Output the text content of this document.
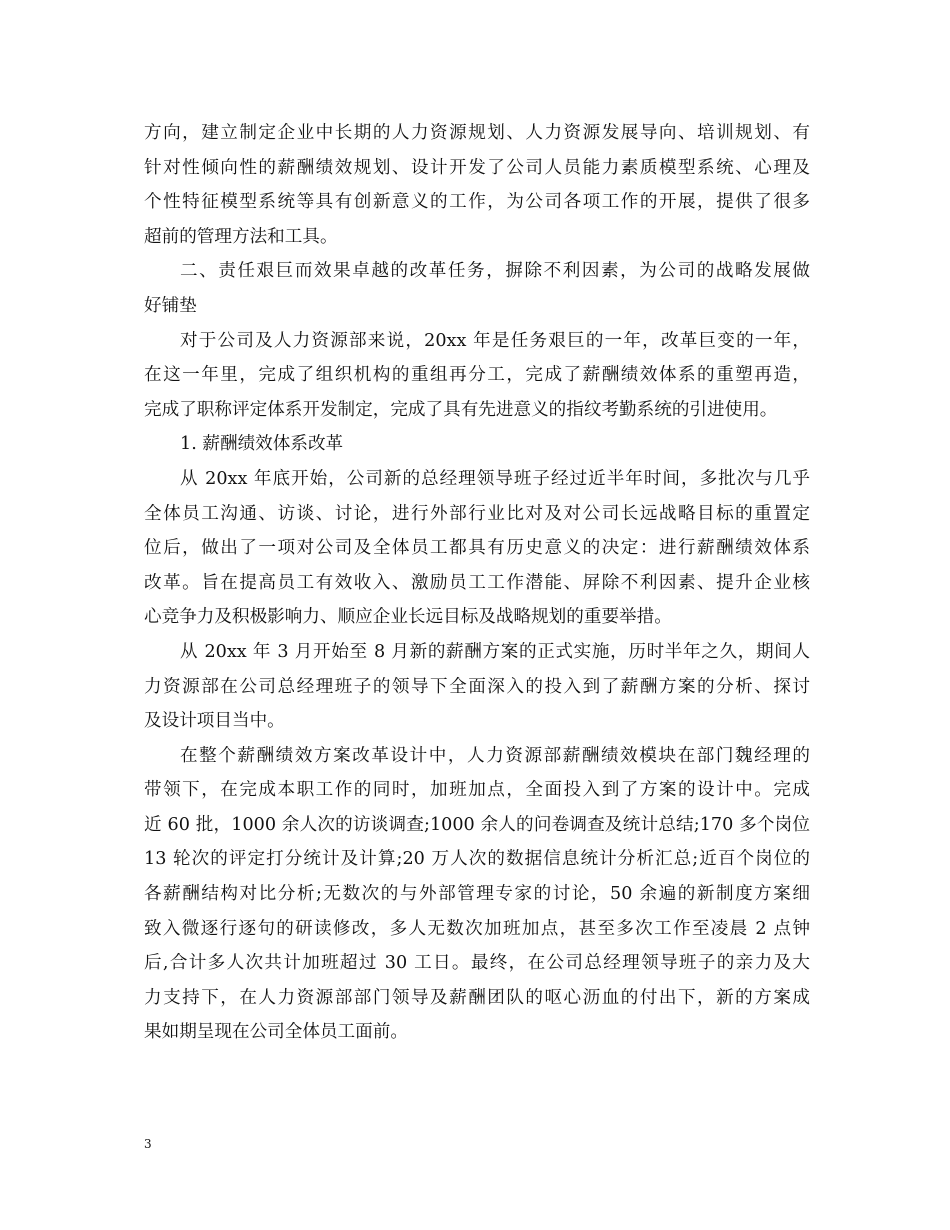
方向，建立制定企业中长期的人力资源规划、人力资源发展导向、培训规划、有
针对性倾向性的薪酬绩效规划、设计开发了公司人员能力素质模型系统、心理及
个性特征模型系统等具有创新意义的工作，为公司各项工作的开展，提供了很多
超前的管理方法和工具。
二、责任艰巨而效果卓越的改革任务，摒除不利因素，为公司的战略发展做
好铺垫
对于公司及人力资源部来说，20xx 年是任务艰巨的一年，改革巨变的一年，
在这一年里，完成了组织机构的重组再分工，完成了薪酬绩效体系的重塑再造，
完成了职称评定体系开发制定，完成了具有先进意义的指纹考勤系统的引进使用。
1. 薪酬绩效体系改革
从 20xx 年底开始，公司新的总经理领导班子经过近半年时间，多批次与几乎
全体员工沟通、访谈、讨论，进行外部行业比对及对公司长远战略目标的重置定
位后，做出了一项对公司及全体员工都具有历史意义的决定：进行薪酬绩效体系
改革。旨在提高员工有效收入、激励员工工作潜能、屏除不利因素、提升企业核
心竞争力及积极影响力、顺应企业长远目标及战略规划的重要举措。
从 20xx 年 3 月开始至 8 月新的薪酬方案的正式实施，历时半年之久，期间人
力资源部在公司总经理班子的领导下全面深入的投入到了薪酬方案的分析、探讨
及设计项目当中。
在整个薪酬绩效方案改革设计中，人力资源部薪酬绩效模块在部门魏经理的
带领下，在完成本职工作的同时，加班加点，全面投入到了方案的设计中。完成
近 60 批，1000 余人次的访谈调查;1000 余人的问卷调查及统计总结;170 多个岗位
13 轮次的评定打分统计及计算;20 万人次的数据信息统计分析汇总;近百个岗位的
各薪酬结构对比分析;无数次的与外部管理专家的讨论，50 余遍的新制度方案细
致入微逐行逐句的研读修改，多人无数次加班加点，甚至多次工作至凌晨 2 点钟
后,合计多人次共计加班超过 30 工日。最终，在公司总经理领导班子的亲力及大
力支持下，在人力资源部部门领导及薪酬团队的呕心沥血的付出下，新的方案成
果如期呈现在公司全体员工面前。
3
